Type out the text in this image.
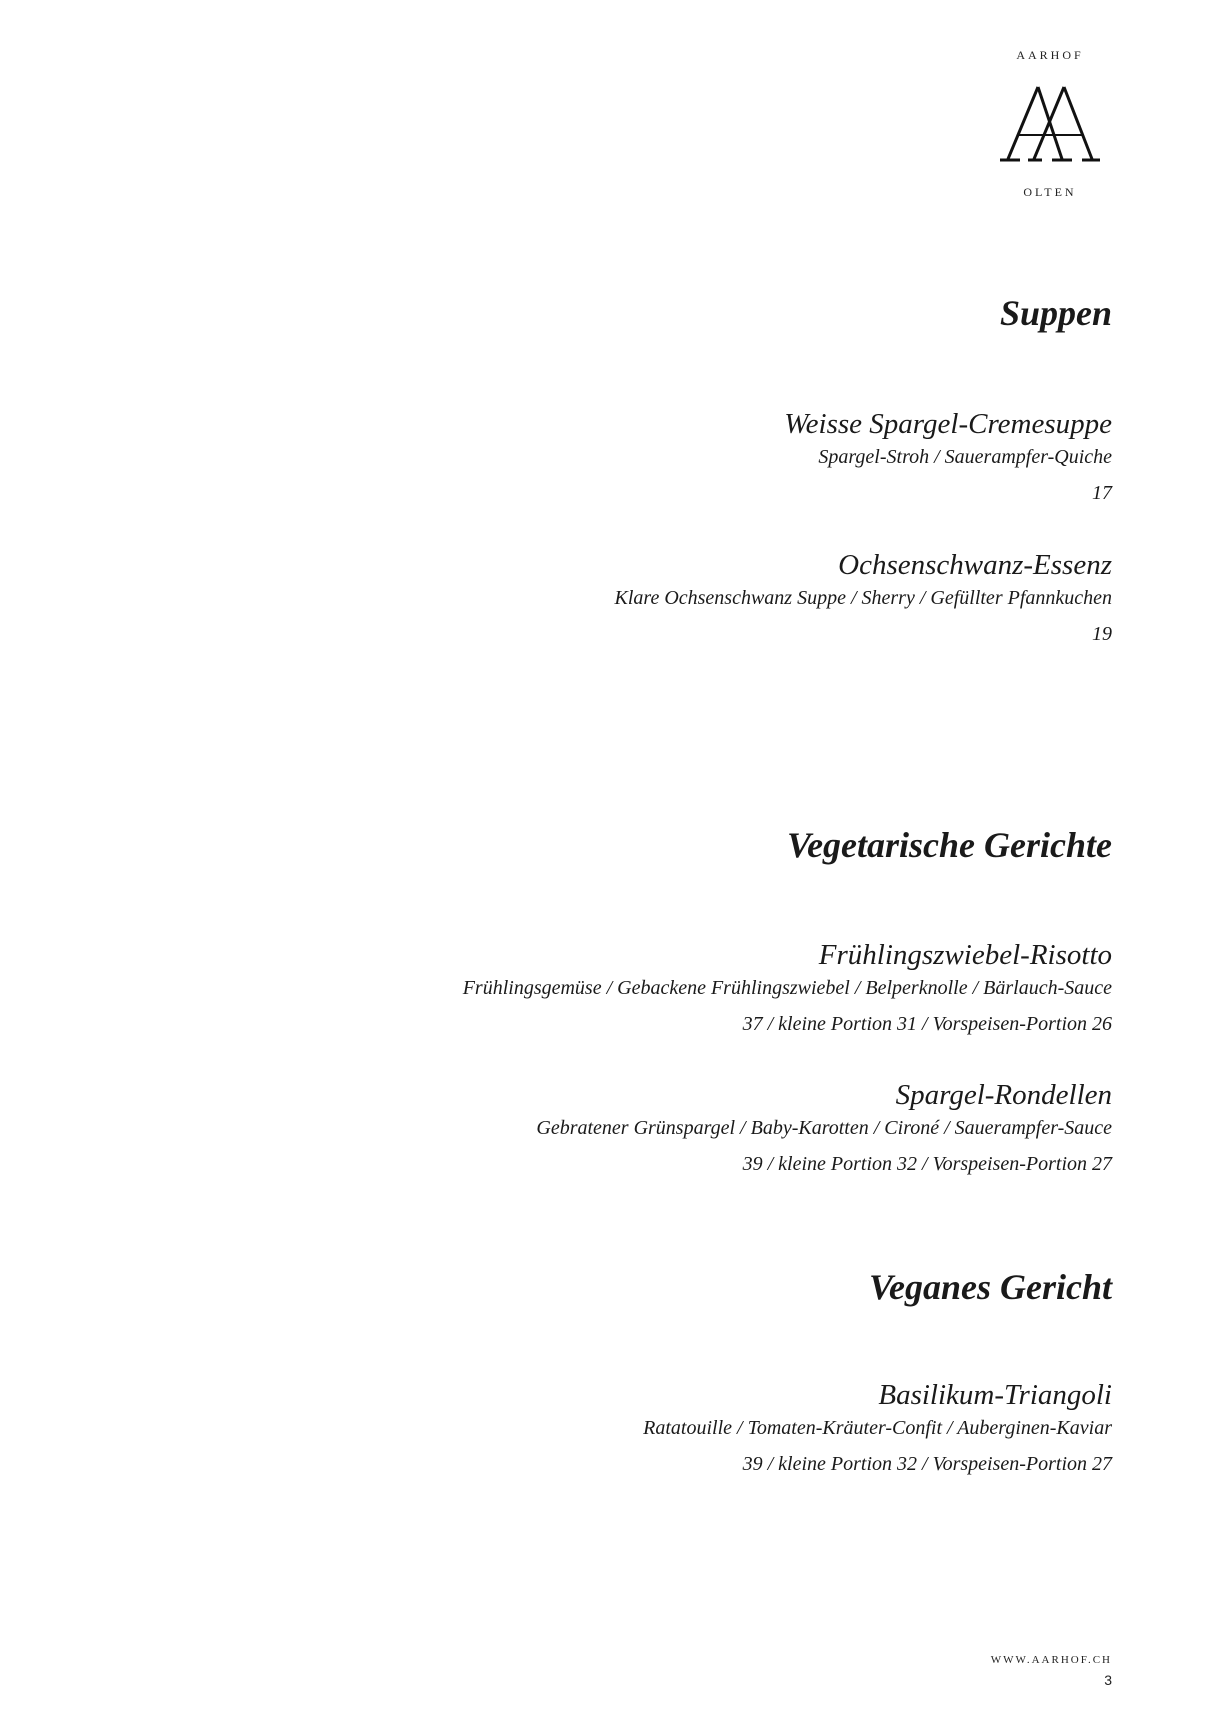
AARHOF
OLTEN
Suppen
Weisse Spargel-Cremesuppe
Spargel-Stroh / Sauerampfer-Quiche
17
Ochsenschwanz-Essenz
Klare Ochsenschwanz Suppe / Sherry / Gefüllter Pfannkuchen
19
Vegetarische Gerichte
Frühlingszwiebel-Risotto
Frühlingsgemüse / Gebackene Frühlingszwiebel / Belperknolle / Bärlauch-Sauce
37 / kleine Portion 31 / Vorspeisen-Portion 26
Spargel-Rondellen
Gebratener Grünspargel / Baby-Karotten / Cironé / Sauerampfer-Sauce
39 / kleine Portion 32 / Vorspeisen-Portion 27
Veganes Gericht
Basilikum-Triangoli
Ratatouille / Tomaten-Kräuter-Confit / Auberginen-Kaviar
39 / kleine Portion 32 / Vorspeisen-Portion 27
WWW.AARHOF.CH
3
